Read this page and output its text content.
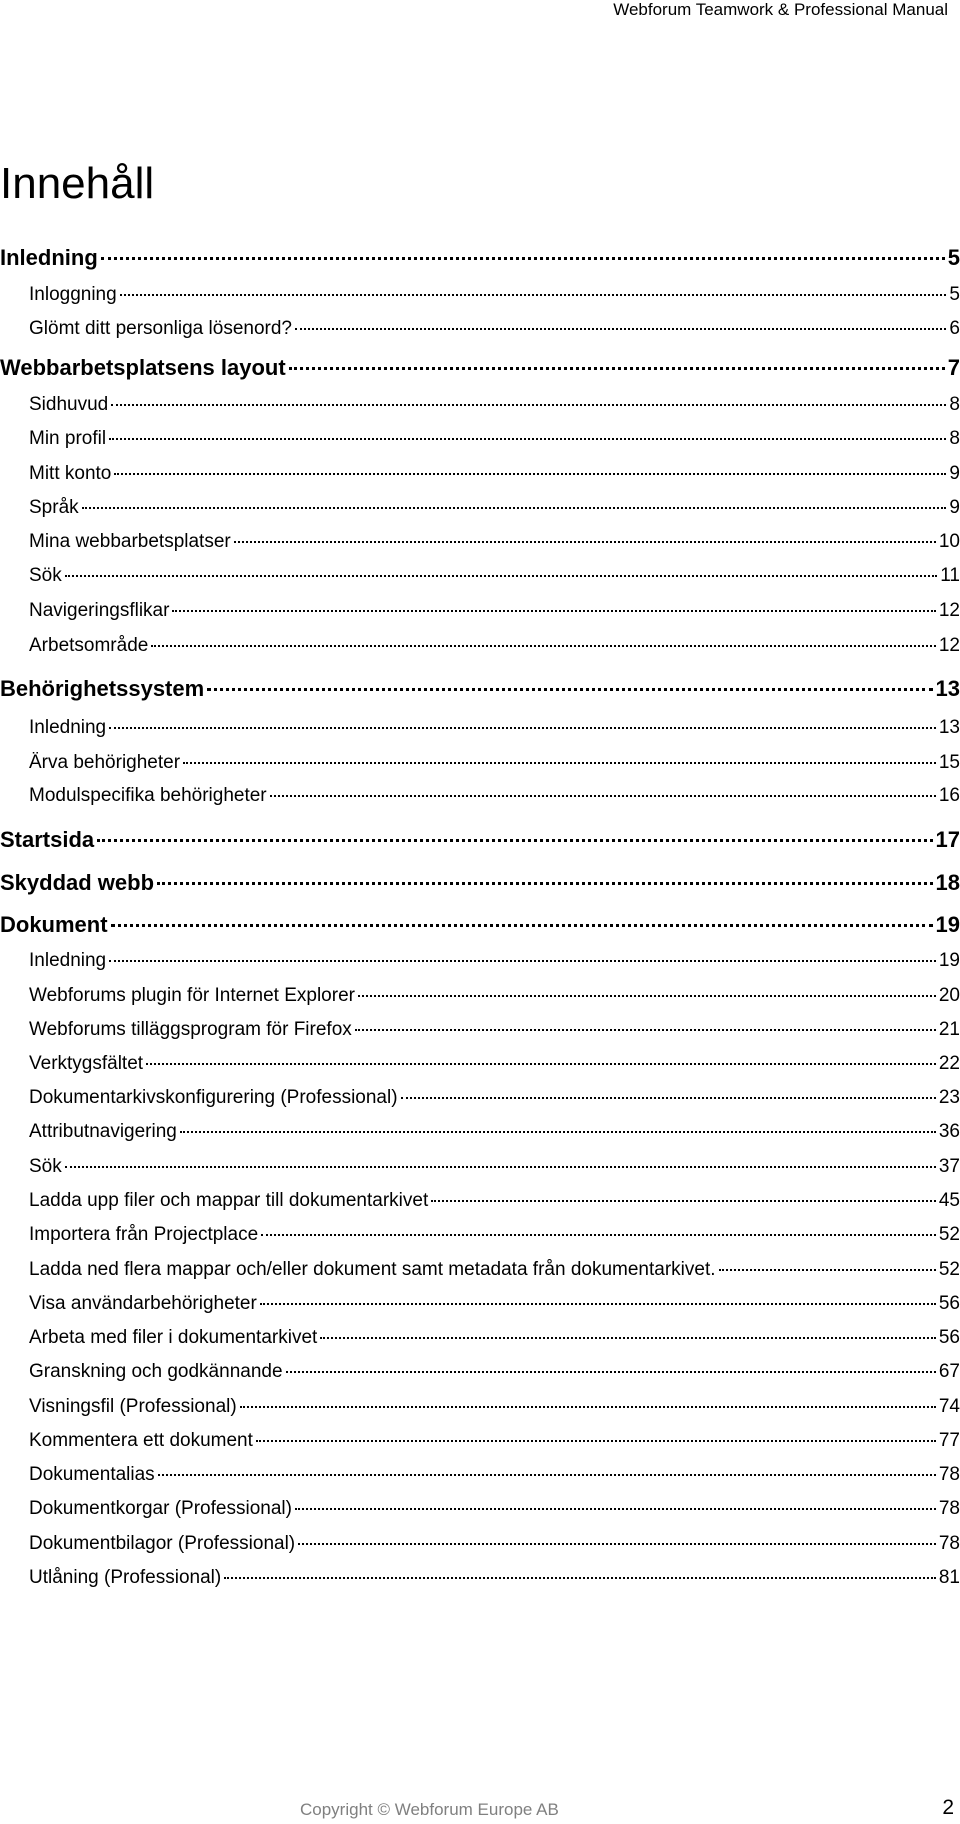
Webforum Teamwork & Professional Manual
Innehåll
Inledning	5
Inloggning	5
Glömt ditt personliga lösenord?	6
Webbarbetsplatsens layout	7
Sidhuvud	8
Min profil	8
Mitt konto	9
Språk	9
Mina webbarbetsplatser	10
Sök	11
Navigeringsflikar	12
Arbetsområde	12
Behörighetssystem	13
Inledning	13
Ärva behörigheter	15
Modulspecifika behörigheter	16
Startsida	17
Skyddad webb	18
Dokument	19
Inledning	19
Webforums plugin för Internet Explorer	20
Webforums tilläggsprogram för Firefox	21
Verktygsfältet	22
Dokumentarkivskonfigurering (Professional)	23
Attributnavigering	36
Sök	37
Ladda upp filer och mappar till dokumentarkivet	45
Importera från Projectplace	52
Ladda ned flera mappar och/eller dokument samt metadata från dokumentarkivet.	52
Visa användarbehörigheter	56
Arbeta med filer i dokumentarkivet	56
Granskning och godkännande	67
Visningsfil (Professional)	74
Kommentera ett dokument	77
Dokumentalias	78
Dokumentkorgar (Professional)	78
Dokumentbilagor (Professional)	78
Utlåning (Professional)	81
Copyright © Webforum Europe AB	2
